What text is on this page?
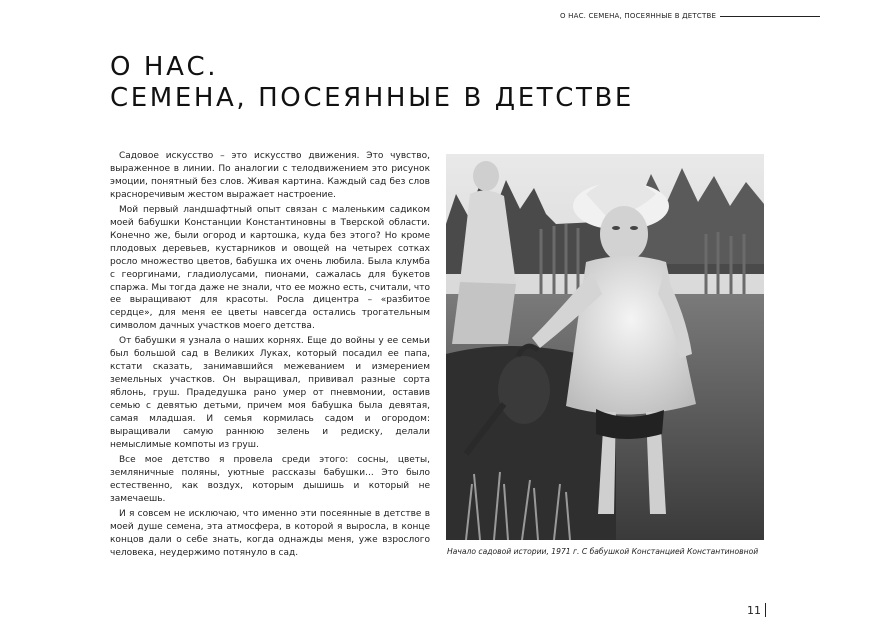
О НАС. СЕМЕНА, ПОСЕЯННЫЕ В ДЕТСТВЕ
О НАС.
СЕМЕНА, ПОСЕЯННЫЕ В ДЕТСТВЕ

Садовое искусство – это искусство движения. Это чувство, выраженное в линии. По аналогии с телодвижением это рисунок эмоции, понятный без слов. Живая картина. Каждый сад без слов красноречивым жестом выражает настроение.

Мой первый ландшафтный опыт связан с маленьким садиком моей бабушки Констанции Константиновны в Тверской области. Конечно же, были огород и картошка, куда без этого? Но кроме плодовых деревьев, кустарников и овощей на четырех сотках росло множество цветов, бабушка их очень любила. Была клумба с георгинами, гладиолусами, пионами, сажалась для букетов спаржа. Мы тогда даже не знали, что ее можно есть, считали, что ее выращивают для красоты. Росла дицентра – «разбитое сердце», для меня ее цветы навсегда остались трогательным символом дачных участков моего детства.

От бабушки я узнала о наших корнях. Еще до войны у ее семьи был большой сад в Великих Луках, который посадил ее папа, кстати сказать, занимавшийся межеванием и измерением земельных участков. Он выращивал, прививал разные сорта яблонь, груш. Прадедушка рано умер от пневмонии, оставив семью с девятью детьми, причем моя бабушка была девятая, самая младшая. И семья кормилась садом и огородом: выращивали самую раннюю зелень и редиску, делали немыслимые компоты из груш.

Все мое детство я провела среди этого: сосны, цветы, земляничные поляны, уютные рассказы бабушки... Это было естественно, как воздух, которым дышишь и который не замечаешь.

И я совсем не исключаю, что именно эти посеянные в детстве в моей душе семена, эта атмосфера, в которой я выросла, в конце концов дали о себе знать, когда однажды меня, уже взрослого человека, неудержимо потянуло в сад.	Начало садовой истории, 1971 г. С бабушкой Констанцией Константиновной
11
